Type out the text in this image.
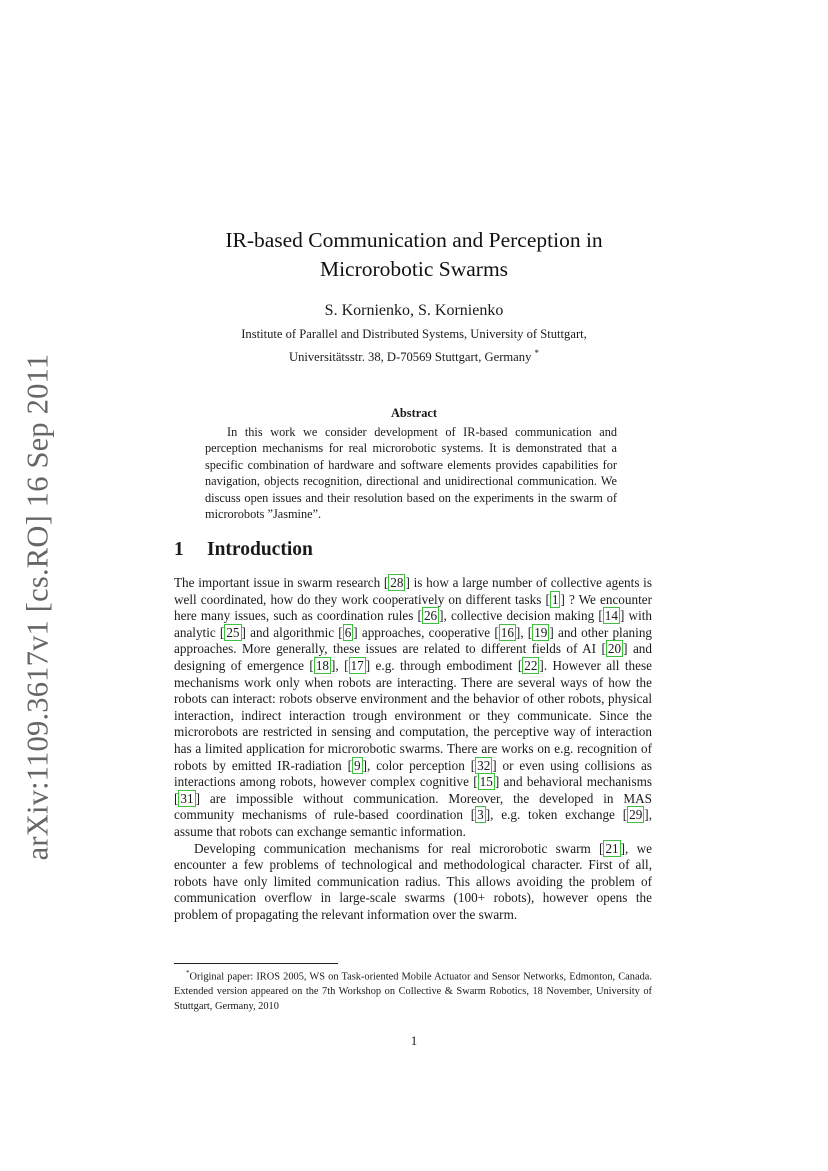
arXiv:1109.3617v1 [cs.RO] 16 Sep 2011
IR-based Communication and Perception in
Microrobotic Swarms
S. Kornienko, S. Kornienko
Institute of Parallel and Distributed Systems, University of Stuttgart,
Universitätsstr. 38, D-70569 Stuttgart, Germany *
Abstract
In this work we consider development of IR-based communication and perception mechanisms for real microrobotic systems. It is demonstrated that a specific combination of hardware and software elements provides capabilities for navigation, objects recognition, directional and unidirectional communication. We discuss open issues and their resolution based on the experiments in the swarm of microrobots ”Jasmine”.
1 Introduction

The important issue in swarm research [ 28 ] is how a large number of collective agents is well coordinated, how do they work cooperatively on different tasks [ 1 ] ? We encounter here many issues, such as coordination rules [ 26 ], collective decision making [ 14 ] with analytic [ 25 ] and algorithmic [ 6 ] approaches, cooperative [ 16 ], [ 19 ] and other planing approaches. More generally, these issues are related to different fields of AI [ 20 ] and designing of emergence [ 18 ], [ 17 ] e.g. through embodiment [ 22 ]. However all these mechanisms work only when robots are interacting. There are several ways of how the robots can interact: robots observe environment and the behavior of other robots, physical interaction, indirect interaction trough environment or they communicate. Since the microrobots are restricted in sensing and computation, the perceptive way of interaction has a limited application for microrobotic swarms. There are works on e.g. recognition of robots by emitted IR-radiation [ 9 ], color perception [ 32 ] or even using collisions as interactions among robots, however complex cognitive [ 15 ] and behavioral mechanisms [ 31 ] are impossible without communication. Moreover, the developed in MAS community mechanisms of rule-based coordination [ 3 ], e.g. token exchange [ 29 ], assume that robots can exchange semantic information.

Developing communication mechanisms for real microrobotic swarm [ 21 ], we encounter a few problems of technological and methodological character. First of all, robots have only limited communication radius. This allows avoiding the problem of communication overflow in large-scale swarms (100+ robots), however opens the problem of propagating the relevant information over the swarm.

*Original paper: IROS 2005, WS on Task-oriented Mobile Actuator and Sensor Networks, Edmonton, Canada. Extended version appeared on the 7th Workshop on Collective & Swarm Robotics, 18 November, University of Stuttgart, Germany, 2010
1
